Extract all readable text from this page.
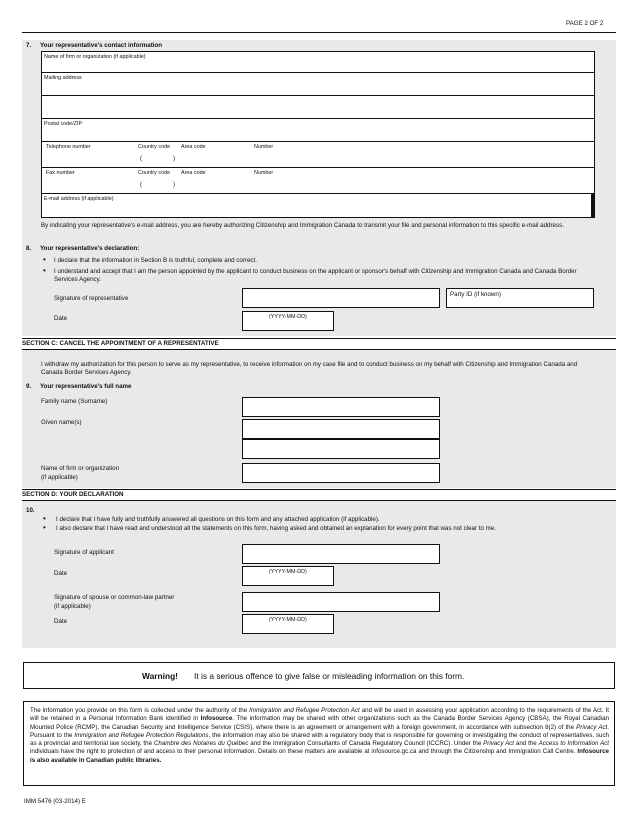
PAGE 2 OF 2
7. Your representative's contact information
Name of firm or organization (if applicable)
Mailing address
Postal code/ZIP
Telephone number	Country code Area code	Number
(	)
Fax number	Country code Area code	Number
(	)
E-mail address (if applicable)
By indicating your representative's e-mail address, you are hereby authorizing Citizenship and Immigration Canada to transmit your file and personal information to this specific e-mail address.
8. Your representative's declaration:
• I declare that the information in Section B is truthful, complete and correct.
• I understand and accept that I am the person appointed by the applicant to conduct business on the applicant or sponsor's behalf with Citizenship and Immigration Canada and Canada Border Services Agency.
Signature of representative
Party ID (if known)
Date	(YYYY-MM-DD)
SECTION C: CANCEL THE APPOINTMENT OF A REPRESENTATIVE
I withdraw my authorization for this person to serve as my representative, to receive information on my case file and to conduct business on my behalf with Citizenship and Immigration Canada and Canada Border Services Agency.
9. Your representative's full name
Family name (Surname)
Given name(s)
Name of firm or organization
(if applicable)
SECTION D: YOUR DECLARATION
10.
• I declare that I have fully and truthfully answered all questions on this form and any attached application (if applicable).
• I also declare that I have read and understood all the statements on this form, having asked and obtained an explanation for every point that was not clear to me.
Signature of applicant
Date	(YYYY-MM-DD)
Signature of spouse or common-law partner
(if applicable)
Date	(YYYY-MM-DD)
Warning! It is a serious offence to give false or misleading information on this form.
The information you provide on this form is collected under the authority of the Immigration and Refugee Protection Act and will be used in assessing your application according to the requirements of the Act. It will be retained in a Personal Information Bank identified in Infosource. The information may be shared with other organizations such as the Canada Border Services Agency (CBSA), the Royal Canadian Mounted Police (RCMP), the Canadian Security and Intelligence Service (CSIS), where there is an agreement or arrangement with a foreign government, in accordance with subsection 8(2) of the Privacy Act. Pursuant to the Immigration and Refugee Protection Regulations, the information may also be shared with a regulatory body that is responsible for governing or investigating the conduct of representatives, such as a provincial and territorial law society, the Chambre des Notaires du Québec and the Immigration Consultants of Canada Regulatory Council (ICCRC). Under the Privacy Act and the Access to Information Act individuals have the right to protection of and access to their personal information. Details on these matters are available at infosource.gc.ca and through the Citizenship and Immigration Call Centre. Infosource is also available in Canadian public libraries.
IMM 5476 (03-2014) E
